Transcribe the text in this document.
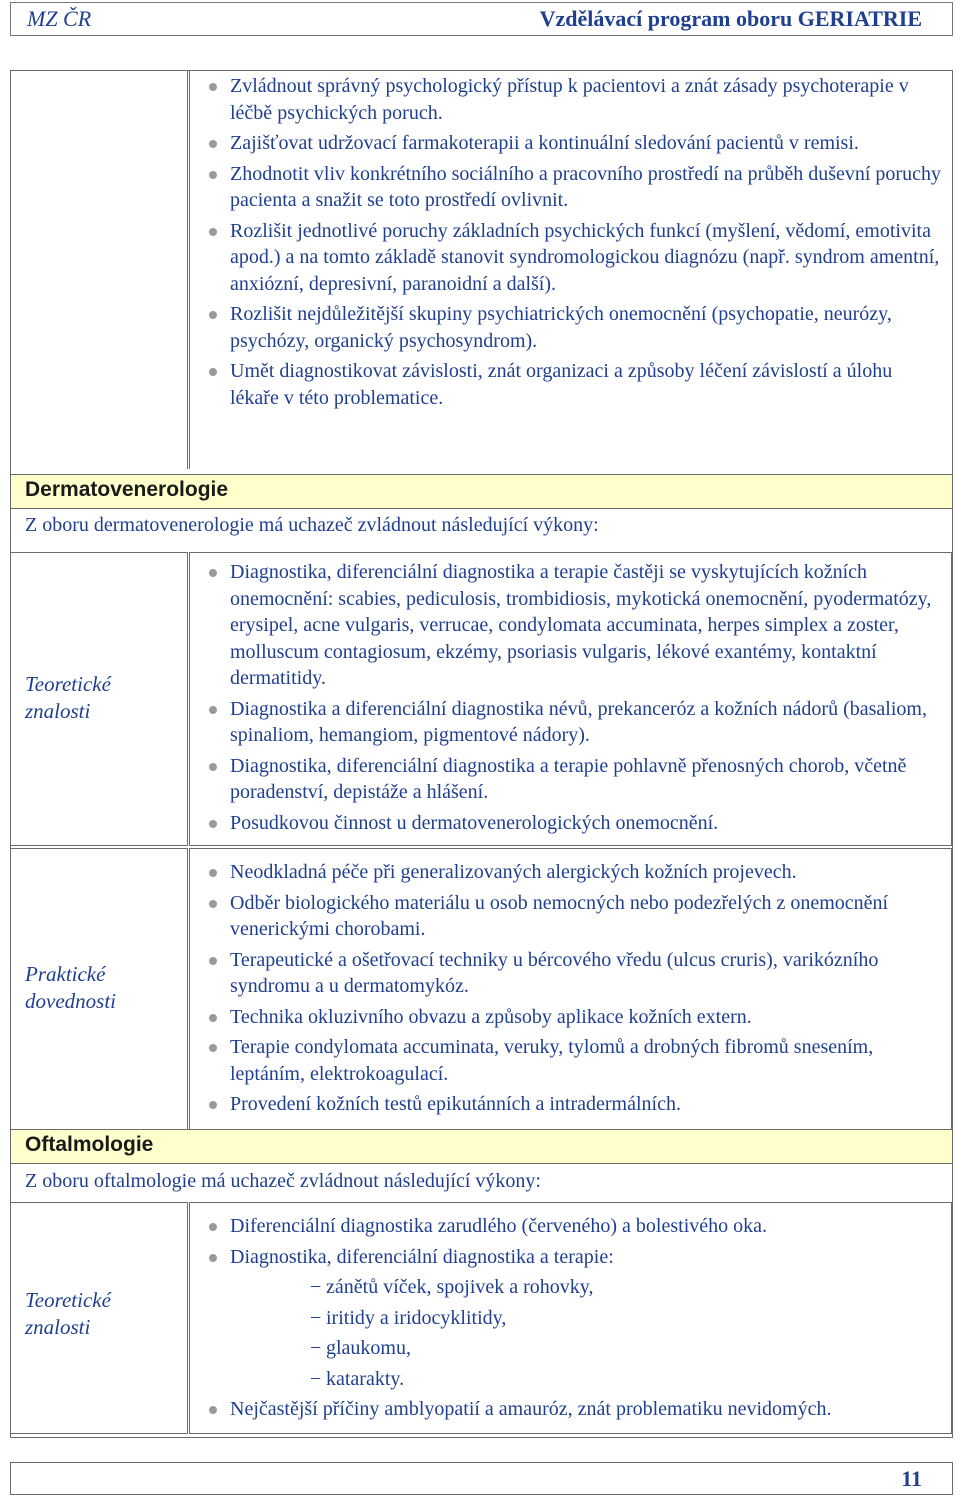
MZ ČR	Vzdělávací program oboru GERIATRIE
Zvládnout správný psychologický přístup k pacientovi a znát zásady psychoterapie v léčbě psychických poruch.
Zajišťovat udržovací farmakoterapii a kontinuální sledování pacientů v remisi.
Zhodnotit vliv konkrétního sociálního a pracovního prostředí na průběh duševní poruchy pacienta a snažit se toto prostředí ovlivnit.
Rozlišit jednotlivé poruchy základních psychických funkcí (myšlení, vědomí, emotivita apod.) a na tomto základě stanovit syndromologickou diagnózu (např. syndrom amentní, anxiózní, depresivní, paranoidní a další).
Rozlišit nejdůležitější skupiny psychiatrických onemocnění (psychopatie, neurózy, psychózy, organický psychosyndrom).
Umět diagnostikovat závislosti, znát organizaci a způsoby léčení závislostí a úlohu lékaře v této problematice.
Dermatovenerologie
Z oboru dermatovenerologie má uchazeč zvládnout následující výkony:
Teoretické
znalosti
Diagnostika, diferenciální diagnostika a terapie častěji se vyskytujících kožních onemocnění: scabies, pediculosis, trombidiosis, mykotická onemocnění, pyodermatózy, erysipel, acne vulgaris, verrucae, condylomata accuminata, herpes simplex a zoster, molluscum contagiosum, ekzémy, psoriasis vulgaris, lékové exantémy, kontaktní dermatitidy.
Diagnostika a diferenciální diagnostika névů, prekanceróz a kožních nádorů (basaliom, spinaliom, hemangiom, pigmentové nádory).
Diagnostika, diferenciální diagnostika a terapie pohlavně přenosných chorob, včetně poradenství, depistáže a hlášení.
Posudkovou činnost u dermatovenerologických onemocnění.
Praktické
dovednosti
Neodkladná péče při generalizovaných alergických kožních projevech.
Odběr biologického materiálu u osob nemocných nebo podezřelých z onemocnění venerickými chorobami.
Terapeutické a ošetřovací techniky u bércového vředu (ulcus cruris), varikózního syndromu a u dermatomykóz.
Technika okluzivního obvazu a způsoby aplikace kožních extern.
Terapie condylomata accuminata, veruky, tylomů a drobných fibromů snesením, leptáním, elektrokoagulací.
Provedení kožních testů epikutánních a intradermálních.
Oftalmologie
Z oboru oftalmologie má uchazeč zvládnout následující výkony:
Teoretické
znalosti
Diferenciální diagnostika zarudlého (červeného) a bolestivého oka.
Diagnostika, diferenciální diagnostika a terapie:
− zánětů víček, spojivek a rohovky,
− iritidy a iridocyklitidy,
− glaukomu,
− katarakty.
Nejčastější příčiny amblyopatií a amauróz, znát problematiku nevidomých.
11
